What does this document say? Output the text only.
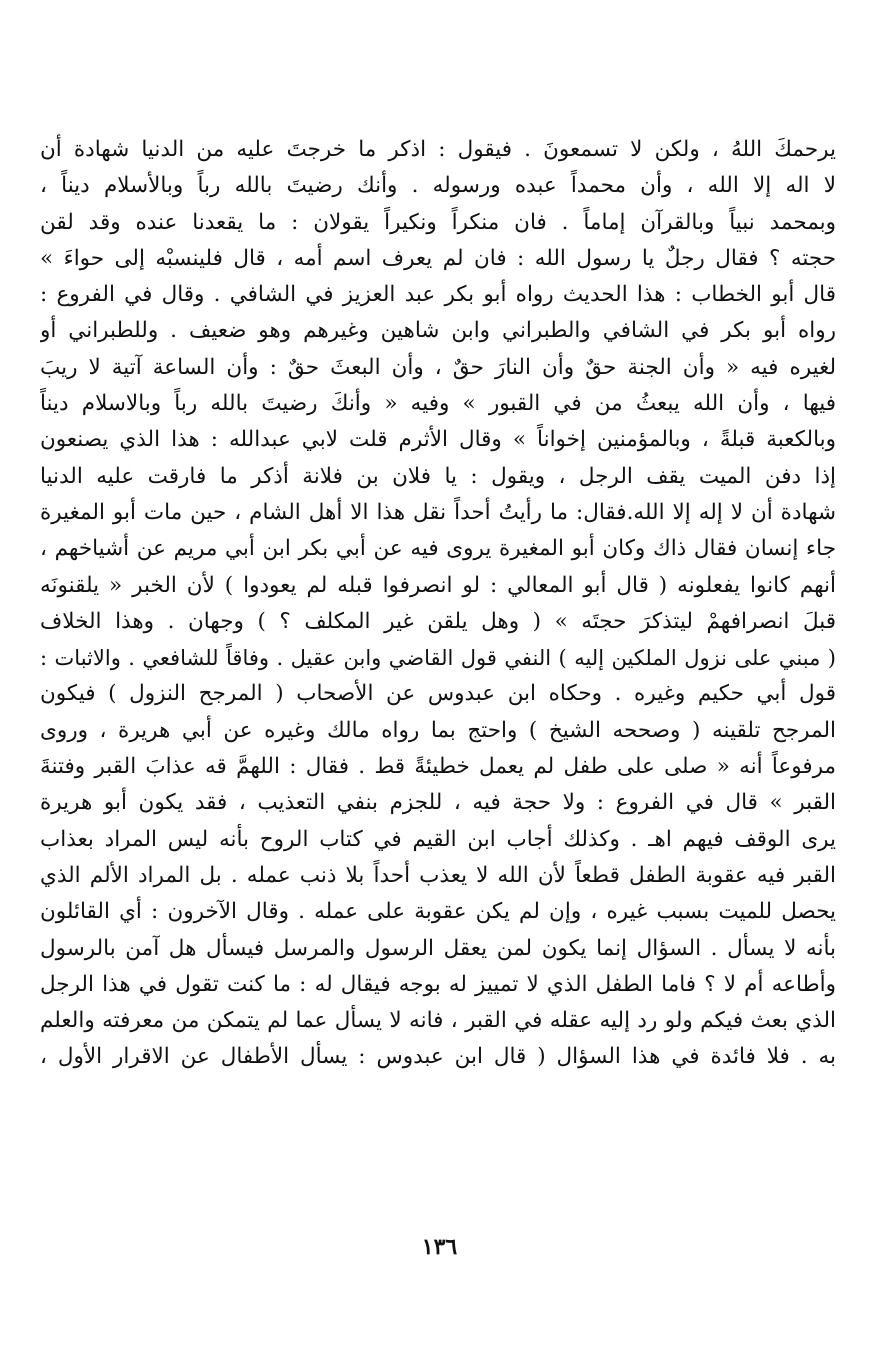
يرحمكَ اللهُ ، ولكن لا تسمعونَ . فيقول : اذكر ما خرجتَ عليه من الدنيا شهادة أن
لا اله إلا الله ، وأن محمداً عبده ورسوله . وأنك رضيتَ بالله رباً وبالأسلام ديناً ،
وبمحمد نبياً وبالقرآن إماماً . فان منكراً ونكيراً يقولان : ما يقعدنا عنده وقد لقن
حجته ؟ فقال رجلٌ يا رسول الله : فان لم يعرف اسم أمه ، قال فلينسبْه إلى حواءَ »
قال أبو الخطاب : هذا الحديث رواه أبو بكر عبد العزيز في الشافي . وقال في الفروع :
رواه أبو بكر في الشافي والطبراني وابن شاهين وغيرهم وهو ضعيف . وللطبراني أو
لغيره فيه « وأن الجنة حقٌ وأن النارَ حقٌ ، وأن البعثَ حقٌ : وأن الساعة آتية لا ريبَ
فيها ، وأن الله يبعثُ من في القبور » وفيه « وأنكَ رضيتَ بالله رباً وبالاسلام ديناً
وبالكعبة قبلةً ، وبالمؤمنين إخواناً » وقال الأثرم قلت لابي عبدالله : هذا الذي يصنعون
إذا دفن الميت يقف الرجل ، ويقول : يا فلان بن فلانة أذكر ما فارقت عليه الدنيا
شهادة أن لا إله إلا الله.فقال: ما رأيتُ أحداً نقل هذا الا أهل الشام ، حين مات أبو المغيرة
جاء إنسان فقال ذاك وكان أبو المغيرة يروى فيه عن أبي بكر ابن أبي مريم عن أشياخهم ،
أنهم كانوا يفعلونه ( قال أبو المعالي : لو انصرفوا قبله لم يعودوا ) لأن الخبر « يلقنونَه
قبلَ انصرافهمْ ليتذكرَ حجتَه » ( وهل يلقن غير المكلف ؟ ) وجهان . وهذا الخلاف
( مبني على نزول الملكين إليه ) النفي قول القاضي وابن عقيل . وفاقاً للشافعي . والاثبات :
قول أبي حكيم وغيره . وحكاه ابن عبدوس عن الأصحاب ( المرجح النزول ) فيكون
المرجح تلقينه ( وصححه الشيخ ) واحتج بما رواه مالك وغيره عن أبي هريرة ، وروى
مرفوعاً أنه « صلى على طفل لم يعمل خطيئةً قط . فقال : اللهمَّ قه عذابَ القبر وفتنةَ
القبر » قال في الفروع : ولا حجة فيه ، للجزم بنفي التعذيب ، فقد يكون أبو هريرة
يرى الوقف فيهم اهـ . وكذلك أجاب ابن القيم في كتاب الروح بأنه ليس المراد بعذاب
القبر فيه عقوبة الطفل قطعاً لأن الله لا يعذب أحداً بلا ذنب عمله . بل المراد الألم الذي
يحصل للميت بسبب غيره ، وإن لم يكن عقوبة على عمله . وقال الآخرون : أي القائلون
بأنه لا يسأل . السؤال إنما يكون لمن يعقل الرسول والمرسل فيسأل هل آمن بالرسول
وأطاعه أم لا ؟ فاما الطفل الذي لا تمييز له بوجه فيقال له : ما كنت تقول في هذا الرجل
الذي بعث فيكم ولو رد إليه عقله في القبر ، فانه لا يسأل عما لم يتمكن من معرفته والعلم
به . فلا فائدة في هذا السؤال ( قال ابن عبدوس : يسأل الأطفال عن الاقرار الأول ،
١٣٦
